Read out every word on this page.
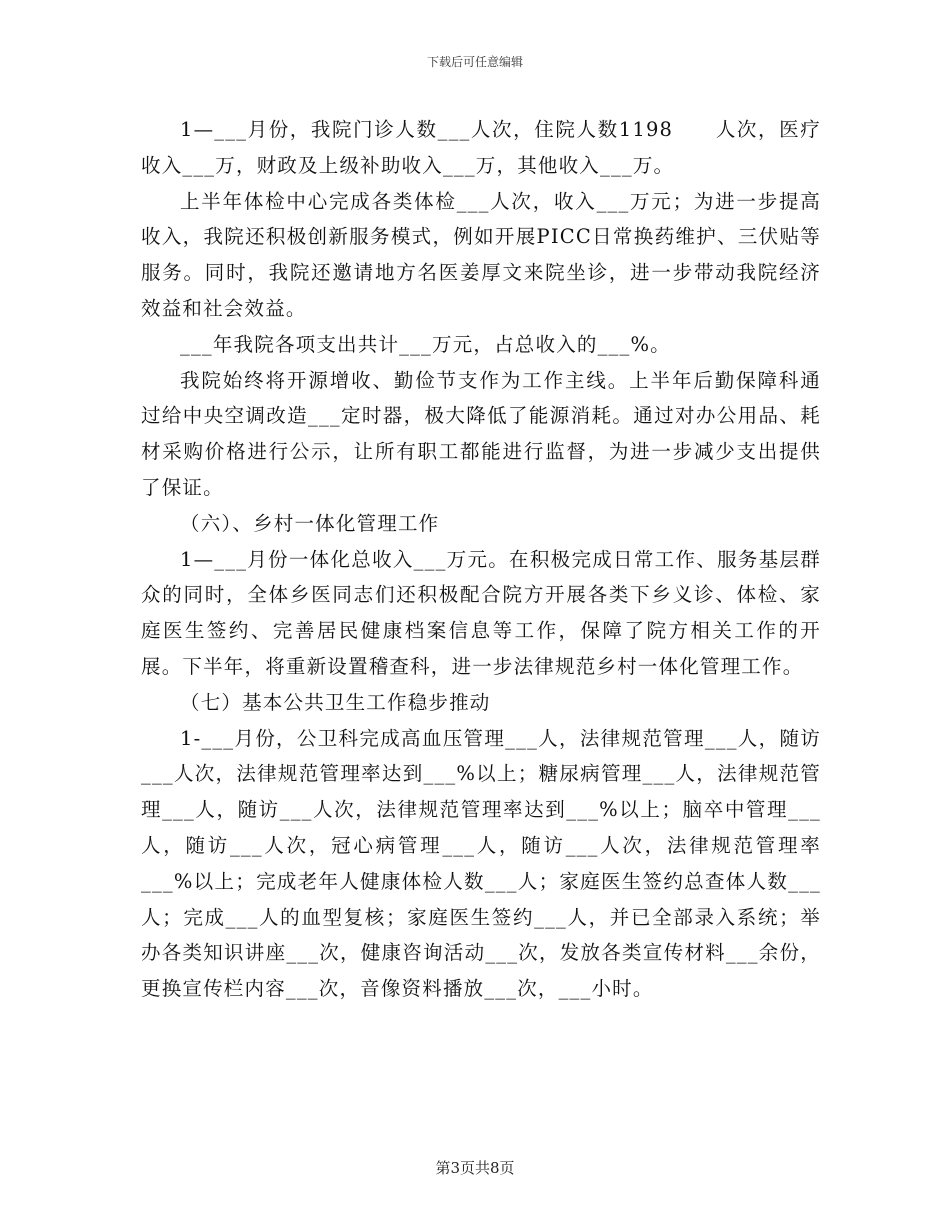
下载后可任意编辑

1—___月份，我院门诊人数___人次，住院人数1198　　人次，医疗收入___万，财政及上级补助收入___万，其他收入___万。

上半年体检中心完成各类体检___人次，收入___万元；为进一步提高收入，我院还积极创新服务模式，例如开展PICC日常换药维护、三伏贴等服务。同时，我院还邀请地方名医姜厚文来院坐诊，进一步带动我院经济效益和社会效益。

___年我院各项支出共计___万元，占总收入的___%。

我院始终将开源增收、勤俭节支作为工作主线。上半年后勤保障科通过给中央空调改造___定时器，极大降低了能源消耗。通过对办公用品、耗材采购价格进行公示，让所有职工都能进行监督，为进一步减少支出提供了保证。

（六）、乡村一体化管理工作

1—___月份一体化总收入___万元。在积极完成日常工作、服务基层群众的同时，全体乡医同志们还积极配合院方开展各类下乡义诊、体检、家庭医生签约、完善居民健康档案信息等工作，保障了院方相关工作的开展。下半年，将重新设置稽查科，进一步法律规范乡村一体化管理工作。

（七）基本公共卫生工作稳步推动

1-___月份，公卫科完成高血压管理___人，法律规范管理___人，随访___人次，法律规范管理率达到___%以上；糖尿病管理___人，法律规范管理___人，随访___人次，法律规范管理率达到___%以上；脑卒中管理___人，随访___人次，冠心病管理___人，随访___人次，法律规范管理率___%以上；完成老年人健康体检人数___人；家庭医生签约总查体人数___人；完成___人的血型复核；家庭医生签约___人，并已全部录入系统；举办各类知识讲座___次，健康咨询活动___次，发放各类宣传材料___余份，更换宣传栏内容___次，音像资料播放___次，___小时。

第3页共8页
